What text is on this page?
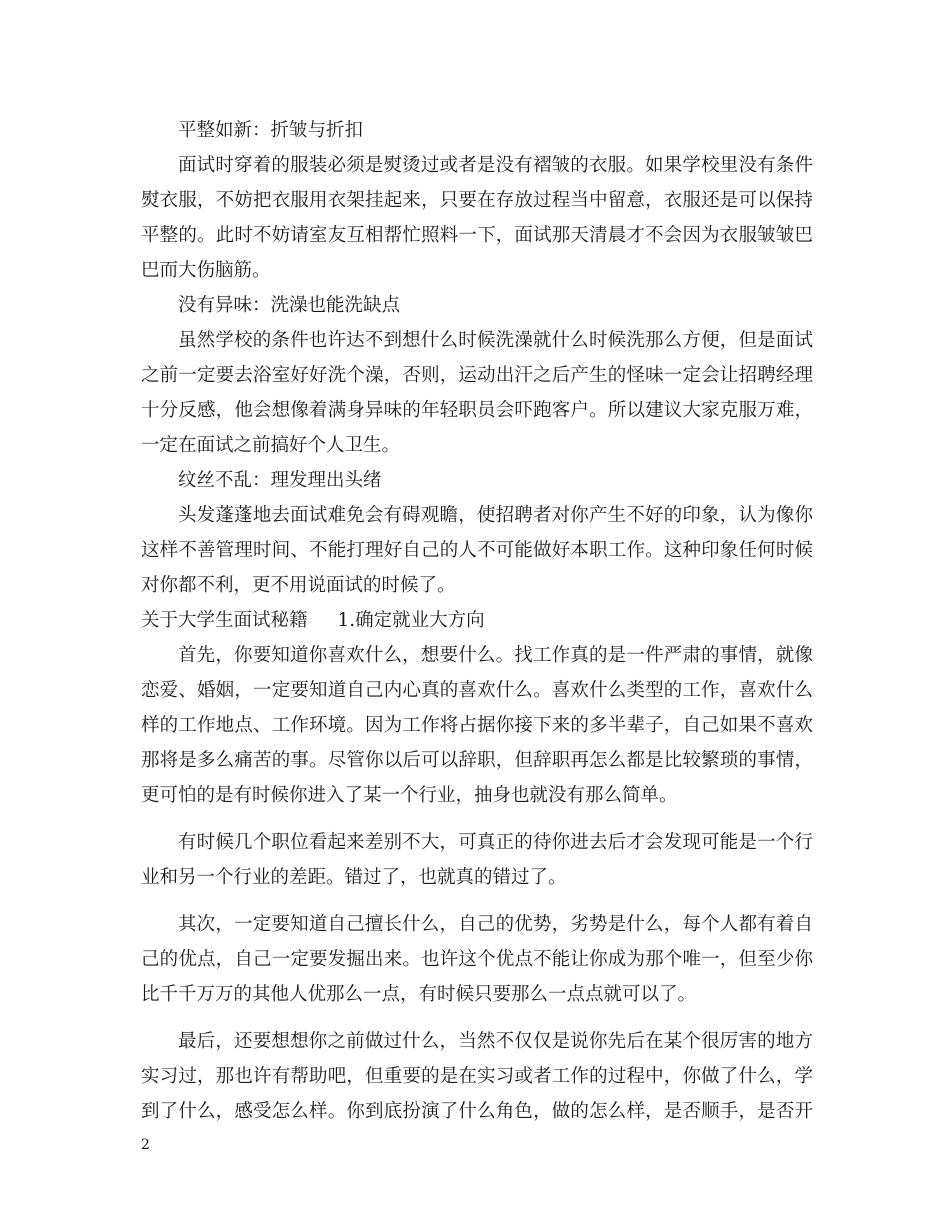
平整如新：折皱与折扣
面试时穿着的服装必须是熨烫过或者是没有褶皱的衣服。如果学校里没有条件
熨衣服，不妨把衣服用衣架挂起来，只要在存放过程当中留意，衣服还是可以保持
平整的。此时不妨请室友互相帮忙照料一下，面试那天清晨才不会因为衣服皱皱巴
巴而大伤脑筋。
没有异味：洗澡也能洗缺点
虽然学校的条件也许达不到想什么时候洗澡就什么时候洗那么方便，但是面试
之前一定要去浴室好好洗个澡，否则，运动出汗之后产生的怪味一定会让招聘经理
十分反感，他会想像着满身异味的年轻职员会吓跑客户。所以建议大家克服万难，
一定在面试之前搞好个人卫生。
纹丝不乱：理发理出头绪
头发蓬蓬地去面试难免会有碍观瞻，使招聘者对你产生不好的印象，认为像你
这样不善管理时间、不能打理好自己的人不可能做好本职工作。这种印象任何时候
对你都不利，更不用说面试的时候了。
关于大学生面试秘籍 1.确定就业大方向
首先，你要知道你喜欢什么，想要什么。找工作真的是一件严肃的事情，就像
恋爱、婚姻，一定要知道自己内心真的喜欢什么。喜欢什么类型的工作，喜欢什么
样的工作地点、工作环境。因为工作将占据你接下来的多半辈子，自己如果不喜欢
那将是多么痛苦的事。尽管你以后可以辞职，但辞职再怎么都是比较繁琐的事情，
更可怕的是有时候你进入了某一个行业，抽身也就没有那么简单。
有时候几个职位看起来差别不大，可真正的待你进去后才会发现可能是一个行
业和另一个行业的差距。错过了，也就真的错过了。
其次，一定要知道自己擅长什么，自己的优势，劣势是什么，每个人都有着自
己的优点，自己一定要发掘出来。也许这个优点不能让你成为那个唯一，但至少你
比千千万万的其他人优那么一点，有时候只要那么一点点就可以了。
最后，还要想想你之前做过什么，当然不仅仅是说你先后在某个很厉害的地方
实习过，那也许有帮助吧，但重要的是在实习或者工作的过程中，你做了什么，学
到了什么，感受怎么样。你到底扮演了什么角色，做的怎么样，是否顺手，是否开
2
